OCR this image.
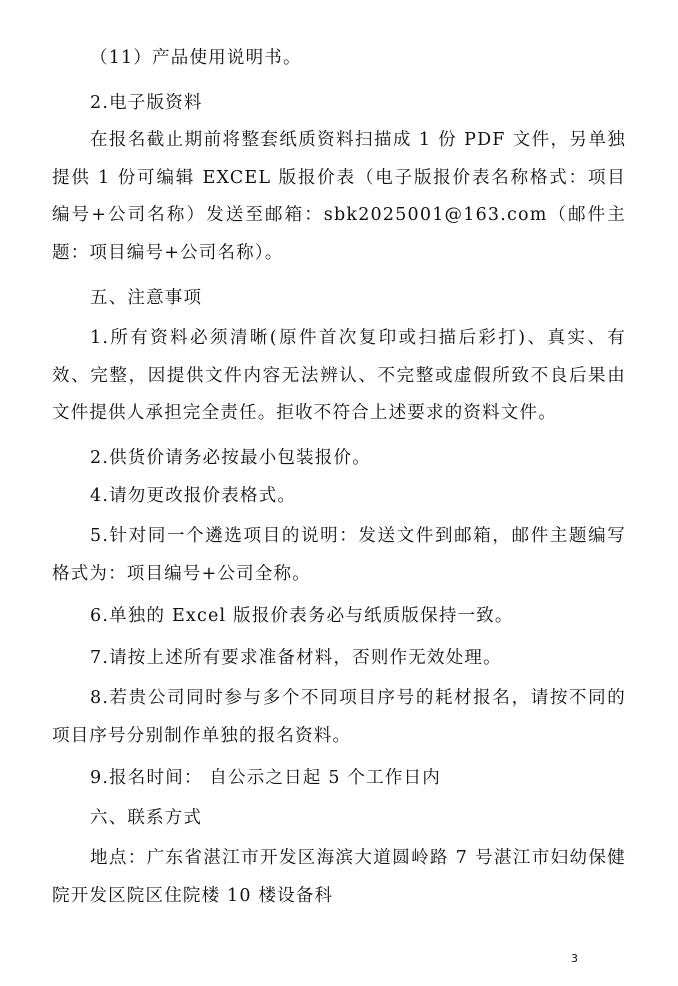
（11）产品使用说明书。

2.电子版资料

在报名截止期前将整套纸质资料扫描成 1 份 PDF 文件，另单独提供 1 份可编辑 EXCEL 版报价表（电子版报价表名称格式：项目编号+公司名称）发送至邮箱：sbk2025001@163.com（邮件主题：项目编号+公司名称）。

五、注意事项

1.所有资料必须清晰(原件首次复印或扫描后彩打)、真实、有效、完整，因提供文件内容无法辨认、不完整或虚假所致不良后果由文件提供人承担完全责任。拒收不符合上述要求的资料文件。

2.供货价请务必按最小包装报价。

4.请勿更改报价表格式。

5.针对同一个遴选项目的说明：发送文件到邮箱，邮件主题编写格式为：项目编号+公司全称。

6.单独的 Excel 版报价表务必与纸质版保持一致。

7.请按上述所有要求准备材料，否则作无效处理。

8.若贵公司同时参与多个不同项目序号的耗材报名，请按不同的项目序号分别制作单独的报名资料。

9.报名时间： 自公示之日起 5 个工作日内

六、联系方式

地点：广东省湛江市开发区海滨大道圆岭路 7 号湛江市妇幼保健院开发区院区住院楼 10 楼设备科

3
